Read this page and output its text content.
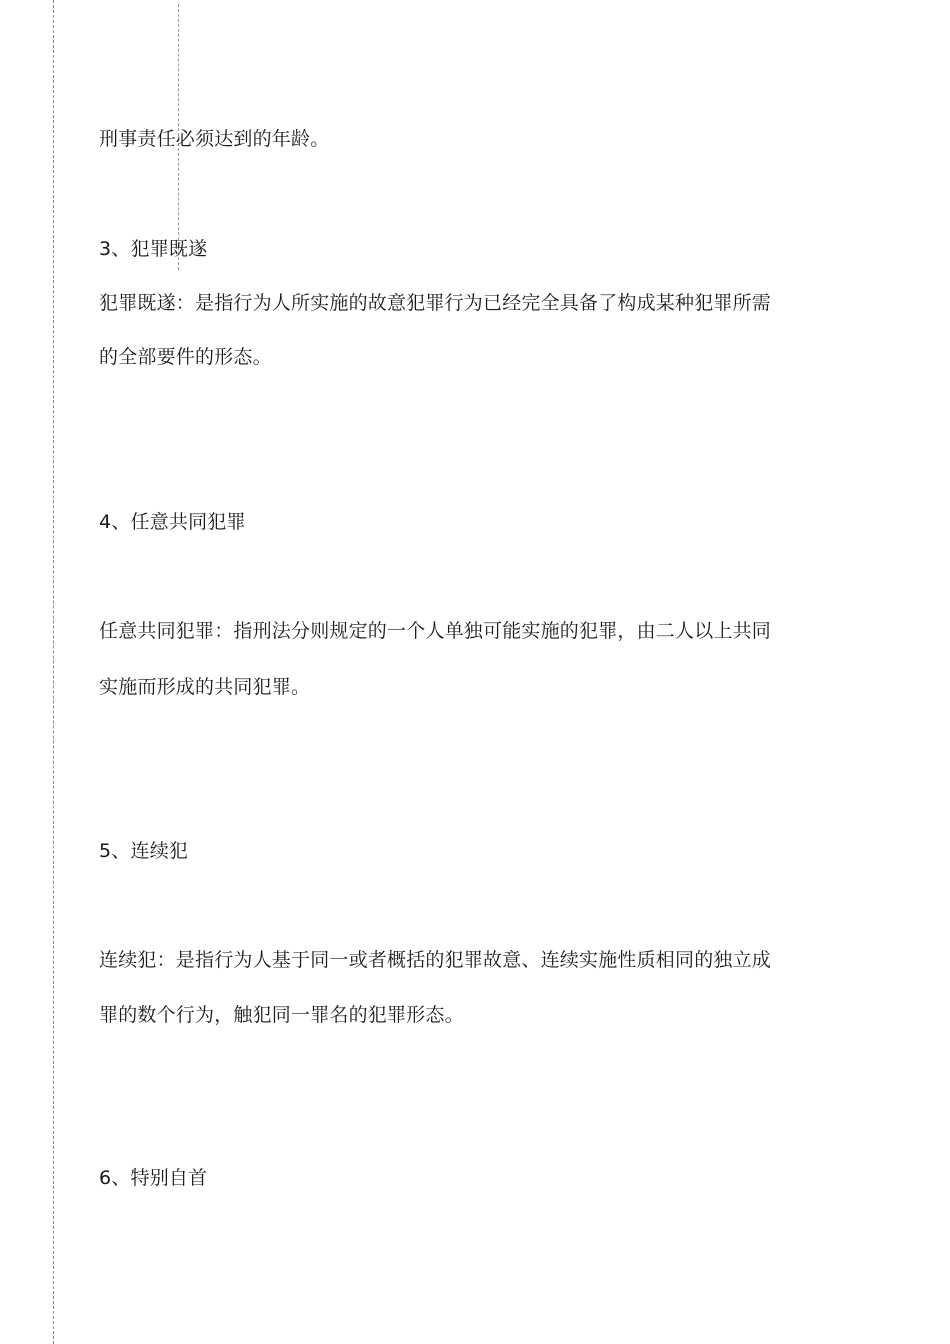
刑事责任必须达到的年龄。

3、犯罪既遂

犯罪既遂：是指行为人所实施的故意犯罪行为已经完全具备了构成某种犯罪所需

的全部要件的形态。

4、任意共同犯罪

任意共同犯罪：指刑法分则规定的一个人单独可能实施的犯罪，由二人以上共同

实施而形成的共同犯罪。

5、连续犯

连续犯：是指行为人基于同一或者概括的犯罪故意、连续实施性质相同的独立成

罪的数个行为，触犯同一罪名的犯罪形态。

6、特别自首
